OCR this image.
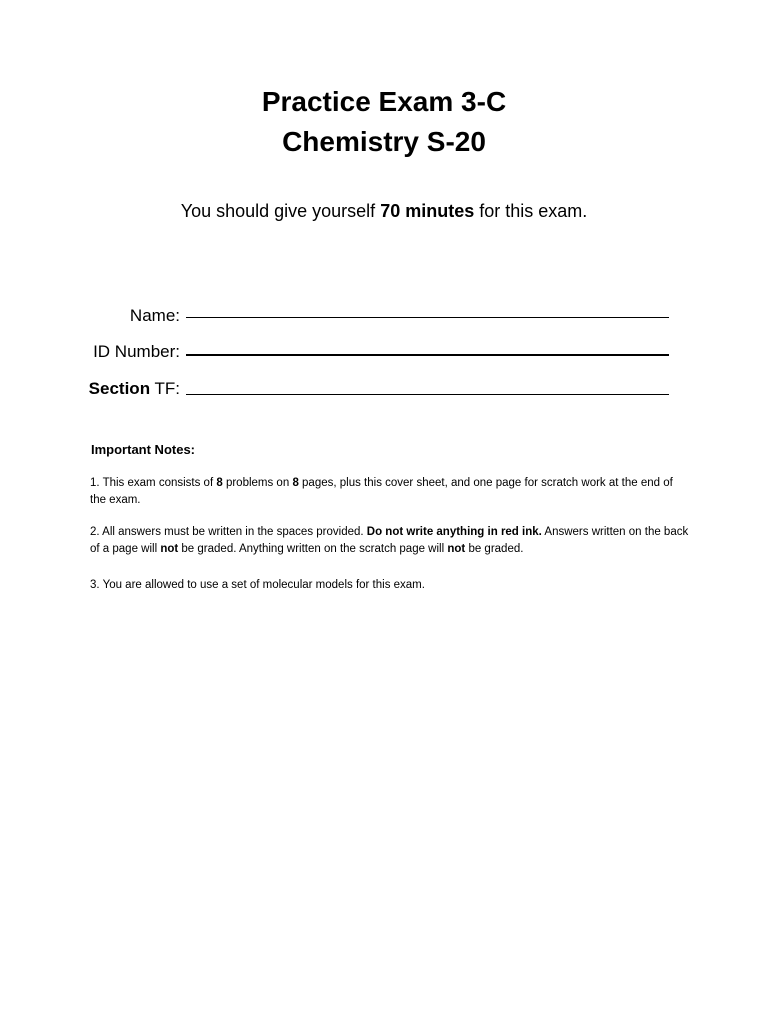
Practice Exam 3-C
Chemistry S-20
You should give yourself 70 minutes for this exam.
Name:
ID Number:
Section TF:
Important Notes:
1. This exam consists of 8 problems on 8 pages, plus this cover sheet, and one page for scratch work at the end of the exam.
2. All answers must be written in the spaces provided. Do not write anything in red ink. Answers written on the back of a page will not be graded. Anything written on the scratch page will not be graded.
3. You are allowed to use a set of molecular models for this exam.
